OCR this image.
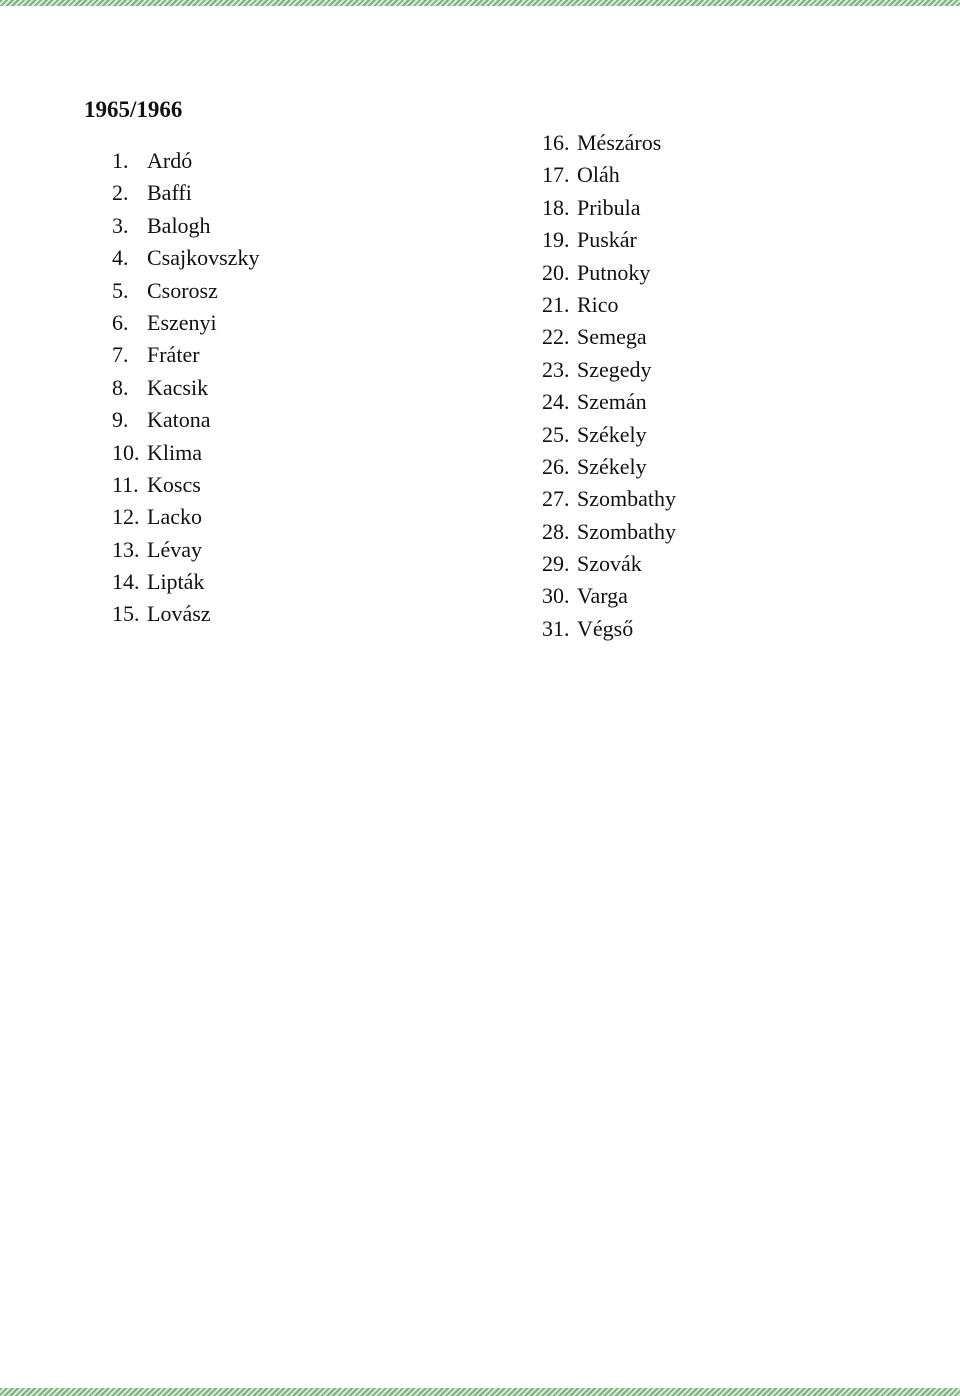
1965/1966
1. Ardó
2. Baffi
3. Balogh
4. Csajkovszky
5. Csorosz
6. Eszenyi
7. Fráter
8. Kacsik
9. Katona
10. Klima
11. Koscs
12. Lacko
13. Lévay
14. Lipták
15. Lovász
16. Mészáros
17. Oláh
18. Pribula
19. Puskár
20. Putnoky
21. Rico
22. Semega
23. Szegedy
24. Szemán
25. Székely
26. Székely
27. Szombathy
28. Szombathy
29. Szovák
30. Varga
31. Végső
